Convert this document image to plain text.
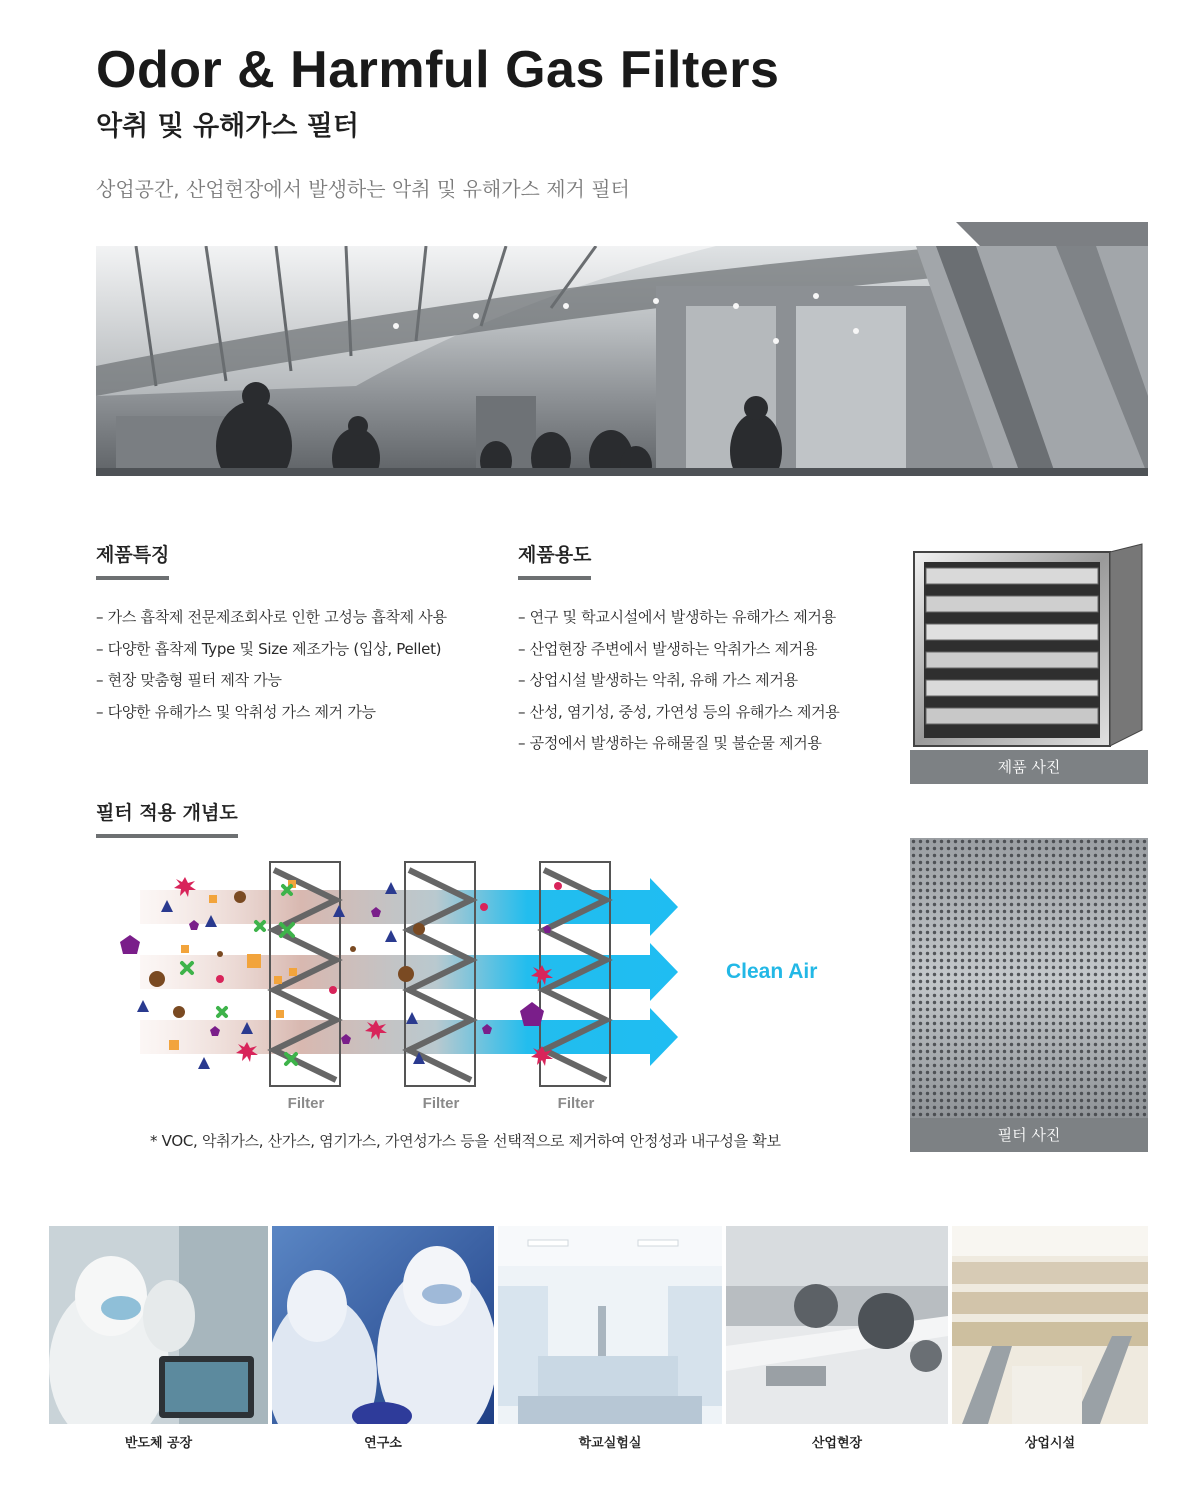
Odor & Harmful Gas Filters
악취 및 유해가스 필터
상업공간, 산업현장에서 발생하는 악취 및 유해가스 제거 필터
제품특징
– 가스 흡착제 전문제조회사로 인한 고성능 흡착제 사용
– 다양한 흡착제 Type 및 Size 제조가능 (입상, Pellet)
– 현장 맞춤형 필터 제작 가능
– 다양한 유해가스 및 악취성 가스 제거 가능
제품용도
– 연구 및 학교시설에서 발생하는 유해가스 제거용
– 산업현장 주변에서 발생하는 악취가스 제거용
– 상업시설 발생하는 악취, 유해 가스 제거용
– 산성, 염기성, 중성, 가연성 등의 유해가스 제거용
– 공정에서 발생하는 유해물질 및 불순물 제거용
제품 사진
필터 사진
필터 적용 개념도
Clean Air
Filter	Filter	Filter
* VOC, 악취가스, 산가스, 염기가스, 가연성가스 등을 선택적으로 제거하여 안정성과 내구성을 확보
반도체 공장	연구소	학교실험실	산업현장	상업시설
